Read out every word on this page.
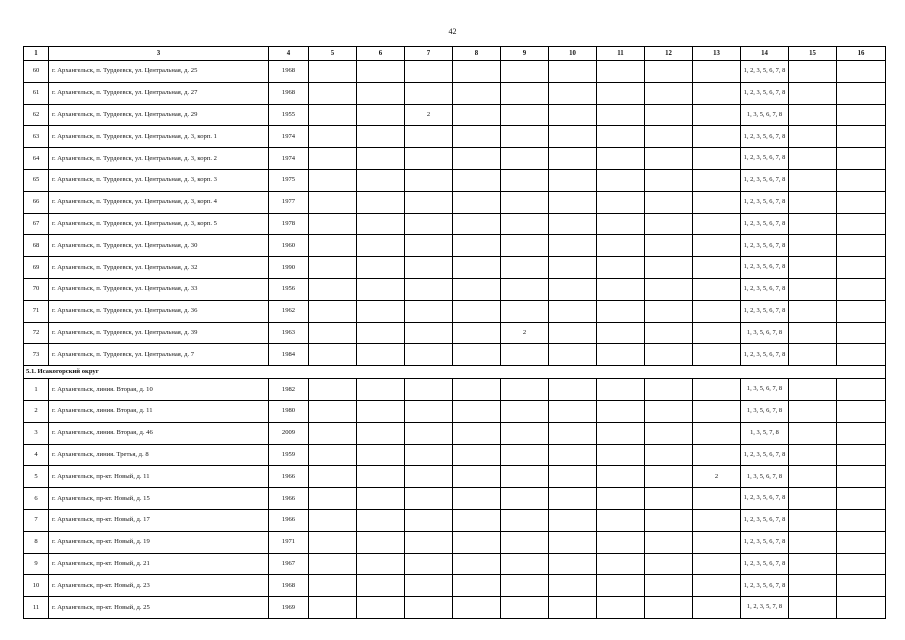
42
1	3	4	5	6	7	8	9	10	11	12	13	14	15	16
60	г. Архангельск, п. Турдеевск, ул. Центральная, д. 25	1968										1, 2, 3, 5, 6, 7, 8		
61	г. Архангельск, п. Турдеевск, ул. Центральная, д. 27	1968										1, 2, 3, 5, 6, 7, 8		
62	г. Архангельск, п. Турдеевск, ул. Центральная, д. 29	1955			2							1, 3, 5, 6, 7, 8		
63	г. Архангельск, п. Турдеевск, ул. Центральная, д. 3, корп. 1	1974										1, 2, 3, 5, 6, 7, 8		
64	г. Архангельск, п. Турдеевск, ул. Центральная, д. 3, корп. 2	1974										1, 2, 3, 5, 6, 7, 8		
65	г. Архангельск, п. Турдеевск, ул. Центральная, д. 3, корп. 3	1975										1, 2, 3, 5, 6, 7, 8		
66	г. Архангельск, п. Турдеевск, ул. Центральная, д. 3, корп. 4	1977										1, 2, 3, 5, 6, 7, 8		
67	г. Архангельск, п. Турдеевск, ул. Центральная, д. 3, корп. 5	1978										1, 2, 3, 5, 6, 7, 8		
68	г. Архангельск, п. Турдеевск, ул. Центральная, д. 30	1960										1, 2, 3, 5, 6, 7, 8		
69	г. Архангельск, п. Турдеевск, ул. Центральная, д. 32	1990										1, 2, 3, 5, 6, 7, 8		
70	г. Архангельск, п. Турдеевск, ул. Центральная, д. 33	1956										1, 2, 3, 5, 6, 7, 8		
71	г. Архангельск, п. Турдеевск, ул. Центральная, д. 36	1962										1, 2, 3, 5, 6, 7, 8		
72	г. Архангельск, п. Турдеевск, ул. Центральная, д. 39	1963					2					1, 3, 5, 6, 7, 8		
73	г. Архангельск, п. Турдеевск, ул. Центральная, д. 7	1984										1, 2, 3, 5, 6, 7, 8		
5.1. Исакогорский округ														
1	г. Архангельск, линия. Вторая, д. 10	1982										1, 3, 5, 6, 7, 8		
2	г. Архангельск, линия. Вторая, д. 11	1980										1, 3, 5, 6, 7, 8		
3	г. Архангельск, линия. Вторая, д. 46	2009										1, 3, 5, 7, 8		
4	г. Архангельск, линия. Третья, д. 8	1959										1, 2, 3, 5, 6, 7, 8		
5	г. Архангельск, пр-кт. Новый, д. 11	1966									2	1, 3, 5, 6, 7, 8		
6	г. Архангельск, пр-кт. Новый, д. 15	1966										1, 2, 3, 5, 6, 7, 8		
7	г. Архангельск, пр-кт. Новый, д. 17	1966										1, 2, 3, 5, 6, 7, 8		
8	г. Архангельск, пр-кт. Новый, д. 19	1971										1, 2, 3, 5, 6, 7, 8		
9	г. Архангельск, пр-кт. Новый, д. 21	1967										1, 2, 3, 5, 6, 7, 8		
10	г. Архангельск, пр-кт. Новый, д. 23	1968										1, 2, 3, 5, 6, 7, 8		
11	г. Архангельск, пр-кт. Новый, д. 25	1969										1, 2, 3, 5, 7, 8		
